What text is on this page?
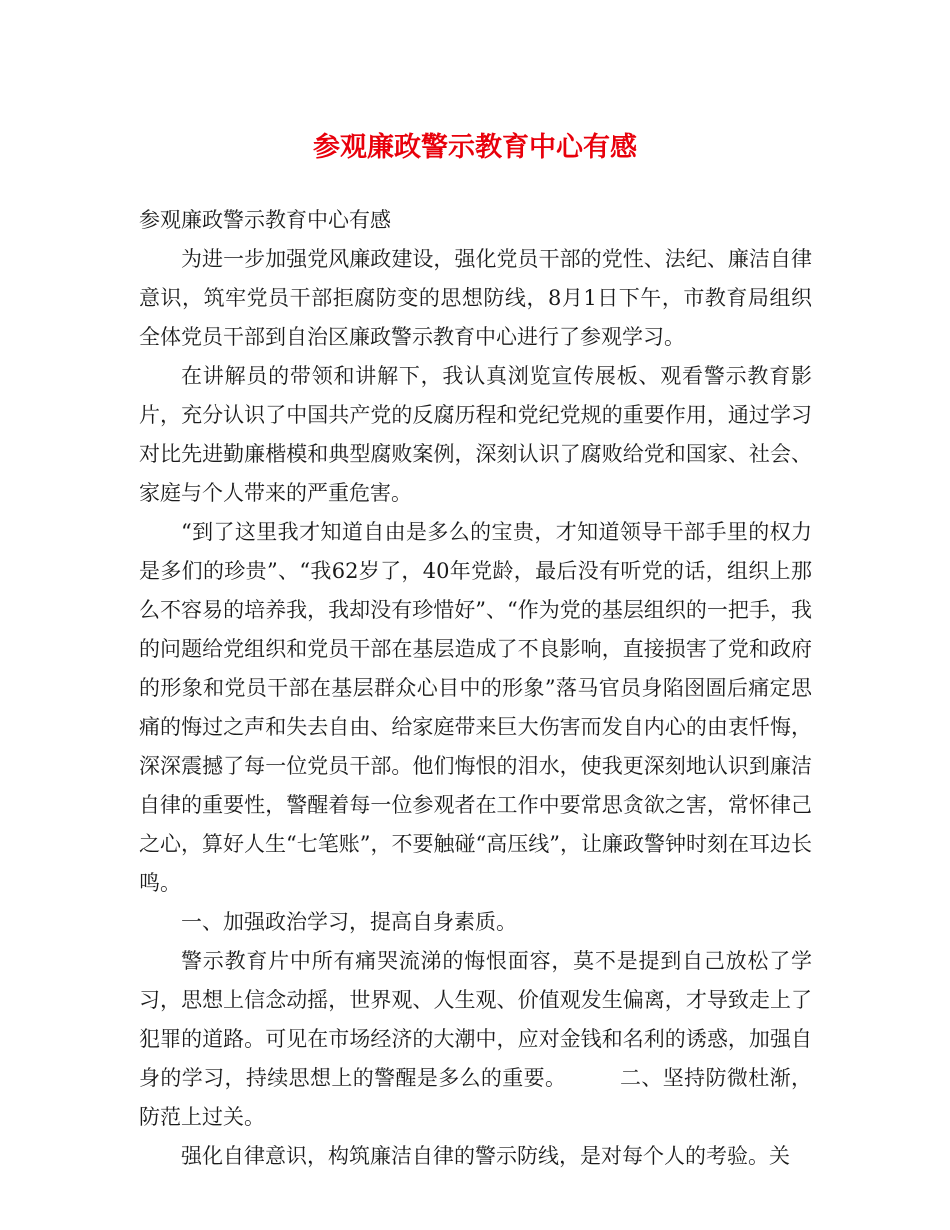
参观廉政警示教育中心有感

参观廉政警示教育中心有感

为进一步加强党风廉政建设，强化党员干部的党性、法纪、廉洁自律意识，筑牢党员干部拒腐防变的思想防线，8月1日下午，市教育局组织全体党员干部到自治区廉政警示教育中心进行了参观学习。

在讲解员的带领和讲解下，我认真浏览宣传展板、观看警示教育影片，充分认识了中国共产党的反腐历程和党纪党规的重要作用，通过学习对比先进勤廉楷模和典型腐败案例，深刻认识了腐败给党和国家、社会、家庭与个人带来的严重危害。

“到了这里我才知道自由是多么的宝贵，才知道领导干部手里的权力是多们的珍贵”、“我62岁了，40年党龄，最后没有听党的话，组织上那么不容易的培养我，我却没有珍惜好”、“作为党的基层组织的一把手，我的问题给党组织和党员干部在基层造成了不良影响，直接损害了党和政府的形象和党员干部在基层群众心目中的形象”落马官员身陷囹圄后痛定思痛的悔过之声和失去自由、给家庭带来巨大伤害而发自内心的由衷忏悔，深深震撼了每一位党员干部。他们悔恨的泪水，使我更深刻地认识到廉洁自律的重要性，警醒着每一位参观者在工作中要常思贪欲之害，常怀律己之心，算好人生“七笔账”，不要触碰“高压线”，让廉政警钟时刻在耳边长鸣。

一、加强政治学习，提高自身素质。

警示教育片中所有痛哭流涕的悔恨面容，莫不是提到自己放松了学习，思想上信念动摇，世界观、人生观、价值观发生偏离，才导致走上了犯罪的道路。可见在市场经济的大潮中，应对金钱和名利的诱惑，加强自身的学习，持续思想上的警醒是多么的重要。　　　二、坚持防微杜渐，防范上过关。

强化自律意识，构筑廉洁自律的警示防线，是对每个人的考验。关
